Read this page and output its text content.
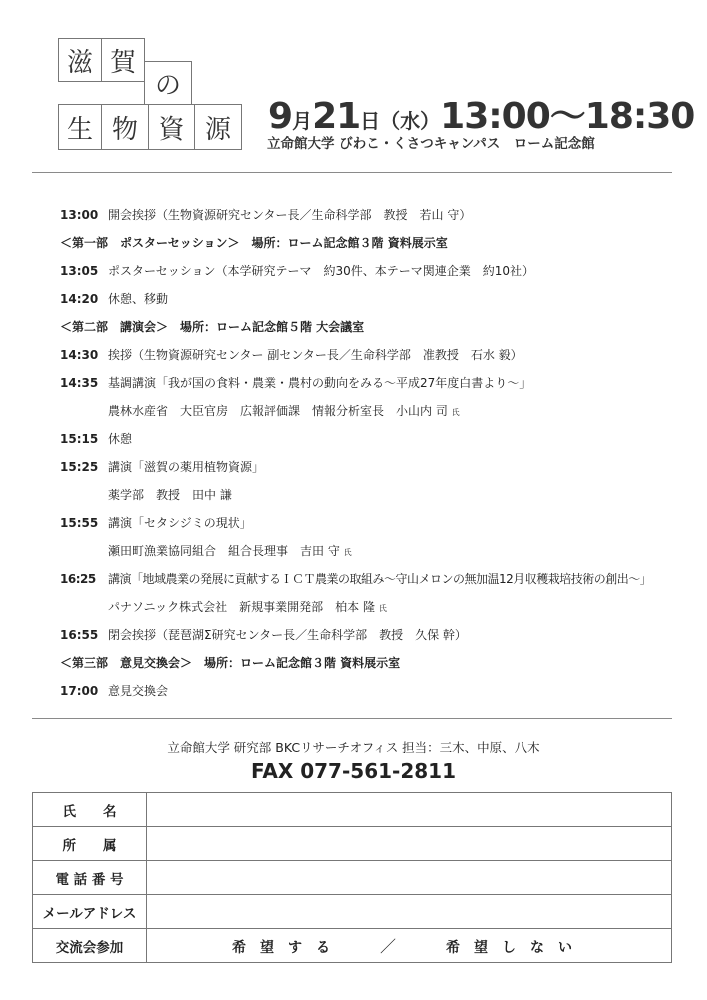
滋 賀
の
生 物 資 源 9月21日（水）13:00〜18:30
立命館大学 びわこ・くさつキャンパス　ローム記念館
13:00 開会挨拶（生物資源研究センター長／生命科学部　教授　若山 守）
＜第一部　ポスターセッション＞　場所：ローム記念館３階 資料展示室
13:05 ポスターセッション（本学研究テーマ　約30件、本テーマ関連企業　約10社）
14:20 休憩、移動
＜第二部　講演会＞　場所：ローム記念館５階 大会議室
14:30 挨拶（生物資源研究センター 副センター長／生命科学部　准教授　石水 毅）
14:35 基調講演「我が国の食料・農業・農村の動向をみる〜平成27年度白書より〜」
農林水産省　大臣官房　広報評価課　情報分析室長　小山内 司 氏
15:15 休憩
15:25 講演「滋賀の薬用植物資源」
薬学部　教授　田中 謙
15:55 講演「セタシジミの現状」
瀬田町漁業協同組合　組合長理事　吉田 守 氏
16:25 講演「地域農業の発展に貢献するＩＣＴ農業の取組み〜守山メロンの無加温12月収穫栽培技術の創出〜」
パナソニック株式会社　新規事業開発部　柏本 隆 氏
16:55 閉会挨拶（琵琶湖Σ研究センター長／生命科学部　教授　久保 幹）
＜第三部　意見交換会＞　場所：ローム記念館３階 資料展示室
17:00 意見交換会
立命館大学 研究部 BKCリサーチオフィス 担当：三木、中原、八木
FAX 077-561-2811
氏　　名	
所　　属	
電 話 番 号	
メールアドレス	
交流会参加	希望する ／ 希望しない
